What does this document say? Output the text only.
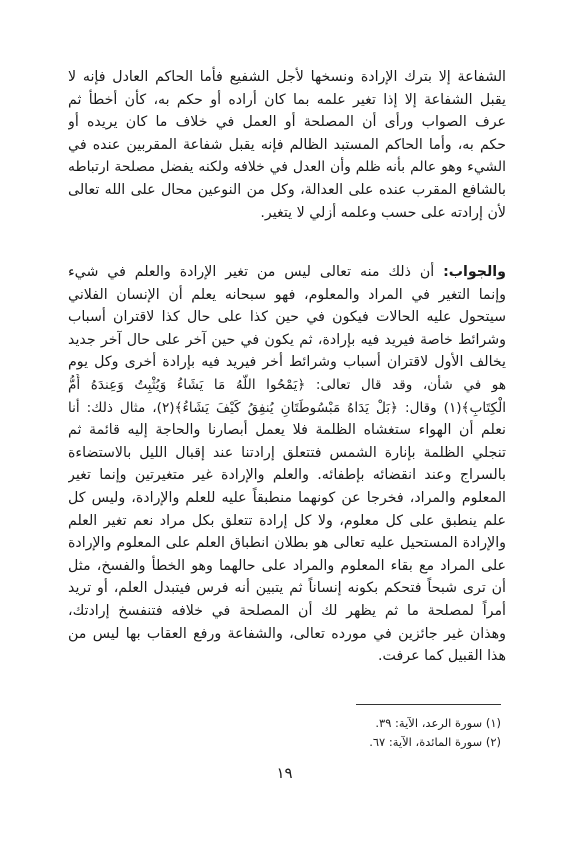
الشفاعة إلا بترك الإرادة ونسخها لأجل الشفيع فأما الحاكم العادل فإنه لا
يقبل الشفاعة إلا إذا تغير علمه بما كان أراده أو حكم به، كأن أخطأ ثم
عرف الصواب ورأى أن المصلحة أو العمل في خلاف ما كان يريده أو
حكم به، وأما الحاكم المستبد الظالم فإنه يقبل شفاعة المقربين عنده في
الشيء وهو عالم بأنه ظلم وأن العدل في خلافه ولكنه يفضل مصلحة ارتباطه
بالشافع المقرب عنده على العدالة، وكل من النوعين محال على الله تعالى
لأن إرادته على حسب وعلمه أزلي لا يتغير.
والجواب: أن ذلك منه تعالى ليس من تغير الإرادة والعلم في شيء
وإنما التغير في المراد والمعلوم، فهو سبحانه يعلم أن الإنسان الفلاني
سيتحول عليه الحالات فيكون في حين كذا على حال كذا لاقتران أسباب
وشرائط خاصة فيريد فيه بإرادة، ثم يكون في حين آخر على حال آخر جديد
يخالف الأول لاقتران أسباب وشرائط أخر فيريد فيه بإرادة أخرى وكل يوم
هو في شأن، وقد قال تعالى: ﴿يَمْحُوا اللَّهُ مَا يَشَاءُ وَيُثْبِتُ وَعِندَهُ أُمُّ
الْكِتَابِ﴾(١) وقال: ﴿بَلْ يَدَاهُ مَبْسُوطَتَانِ يُنفِقُ كَيْفَ يَشَاءُ﴾(٢)، مثال ذلك: أنا
نعلم أن الهواء ستغشاه الظلمة فلا يعمل أبصارنا والحاجة إليه قائمة ثم
تنجلي الظلمة بإنارة الشمس فتتعلق إرادتنا عند إقبال الليل بالاستضاءة
بالسراج وعند انقضائه بإطفائه. والعلم والإرادة غير متغيرتين وإنما تغير
المعلوم والمراد، فخرجا عن كونهما منطبقاً عليه للعلم والإرادة، وليس كل
علم ينطبق على كل معلوم، ولا كل إرادة تتعلق بكل مراد نعم تغير العلم
والإرادة المستحيل عليه تعالى هو بطلان انطباق العلم على المعلوم والإرادة
على المراد مع بقاء المعلوم والمراد على حالهما وهو الخطأ والفسخ، مثل
أن ترى شبحاً فتحكم بكونه إنساناً ثم يتبين أنه فرس فيتبدل العلم، أو تريد
أمراً لمصلحة ما ثم يظهر لك أن المصلحة في خلافه فتنفسخ إرادتك،
وهذان غير جائزين في مورده تعالى، والشفاعة ورفع العقاب بها ليس من
هذا القبيل كما عرفت.
(١) سورة الرعد، الآية: ٣٩.
(٢) سورة المائدة، الآية: ٦٧.
١٩
